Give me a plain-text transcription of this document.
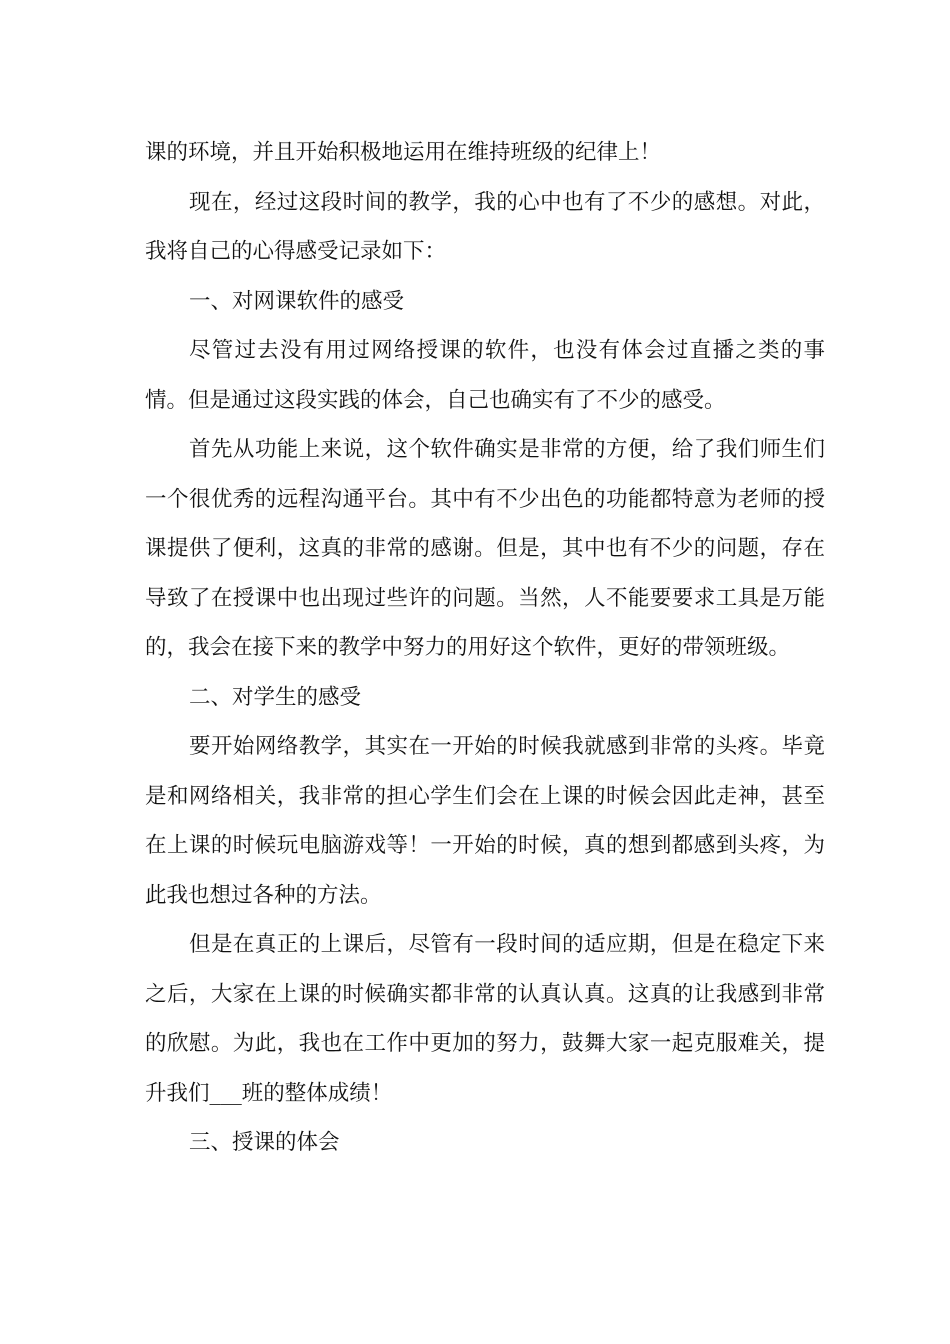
课的环境，并且开始积极地运用在维持班级的纪律上！

现在，经过这段时间的教学，我的心中也有了不少的感想。对此，我将自己的心得感受记录如下：

一、对网课软件的感受

尽管过去没有用过网络授课的软件，也没有体会过直播之类的事情。但是通过这段实践的体会，自己也确实有了不少的感受。

首先从功能上来说，这个软件确实是非常的方便，给了我们师生们一个很优秀的远程沟通平台。其中有不少出色的功能都特意为老师的授课提供了便利，这真的非常的感谢。但是，其中也有不少的问题，存在导致了在授课中也出现过些许的问题。当然，人不能要要求工具是万能的，我会在接下来的教学中努力的用好这个软件，更好的带领班级。

二、对学生的感受

要开始网络教学，其实在一开始的时候我就感到非常的头疼。毕竟是和网络相关，我非常的担心学生们会在上课的时候会因此走神，甚至在上课的时候玩电脑游戏等！一开始的时候，真的想到都感到头疼，为此我也想过各种的方法。

但是在真正的上课后，尽管有一段时间的适应期，但是在稳定下来之后，大家在上课的时候确实都非常的认真认真。这真的让我感到非常的欣慰。为此，我也在工作中更加的努力，鼓舞大家一起克服难关，提升我们___班的整体成绩！

三、授课的体会
